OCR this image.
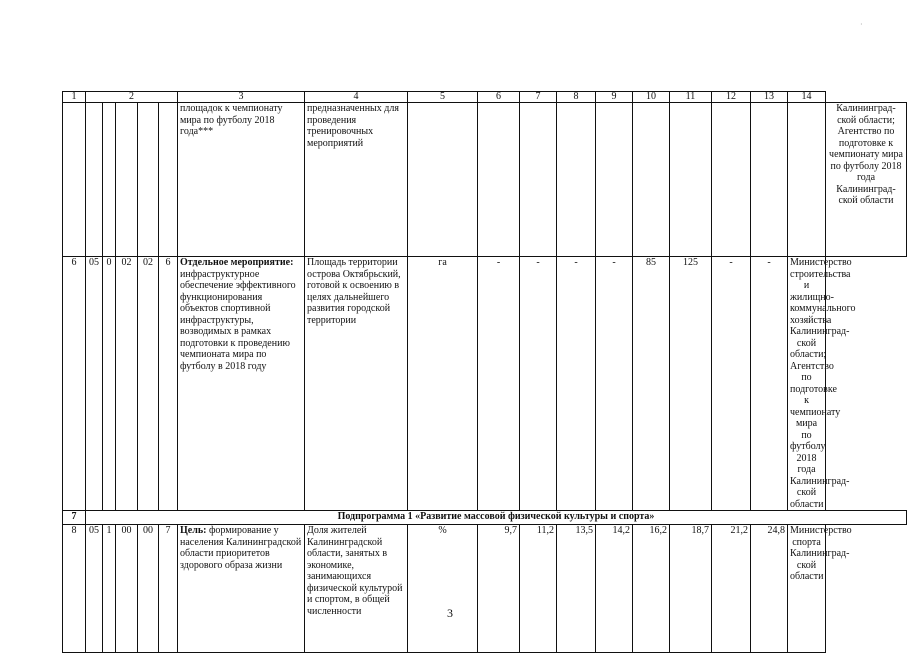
·
1	2					3	4	5	6	7	8	9	10	11	12	13	14	
						площадок к чемпионату мира по футболу 2018 года***	предназначенных для проведения тренировочных мероприятий											Калининград-ской области; Агентство по подготовке к чемпионату мира по футболу 2018 года Калининград-ской области
6	05	0	02	02	6	Отдельное мероприятие: инфраструктурное обеспечение эффективного функционирования объектов спортивной инфраструктуры, возводимых в рамках подготовки к проведению чемпионата мира по футболу в 2018 году	Площадь территории острова Октябрьский, готовой к освоению в целях дальнейшего развития городской территории	га	-	-	-	-	85	125	-	-	Министерство строительства и жилищно-коммунального хозяйства Калининград-ской области; Агентство по подготовке к чемпионату мира по футболу 2018 года Калининград-ской области	
7	Подпрограмма 1 «Развитие массовой физической культуры и спорта»																	
8	05	1	00	00	7	Цель: формирование у населения Калининградской области приоритетов здорового образа жизни	Доля жителей Калининградской области, занятых в экономике, занимающихся физической культурой и спортом, в общей численности	%	9,7	11,2	13,5	14,2	16,2	18,7	21,2	24,8	Министерство спорта Калининград-ской области	
3
